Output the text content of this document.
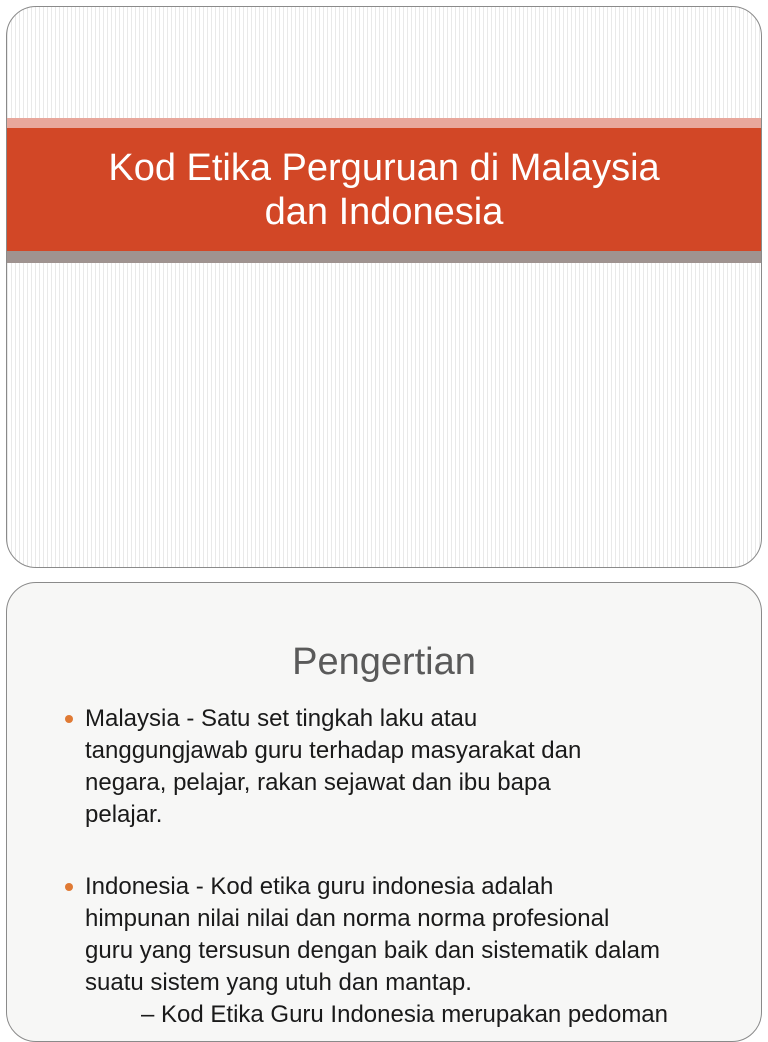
Kod Etika Perguruan di Malaysia
dan Indonesia
Pengertian
Malaysia - Satu set tingkah laku atau
tanggungjawab guru terhadap masyarakat dan
negara, pelajar, rakan sejawat dan ibu bapa
pelajar.
Indonesia - Kod etika guru indonesia adalah
himpunan nilai nilai dan norma norma profesional
guru yang tersusun dengan baik dan sistematik dalam
suatu sistem yang utuh dan mantap.
– Kod Etika Guru Indonesia merupakan pedoman
